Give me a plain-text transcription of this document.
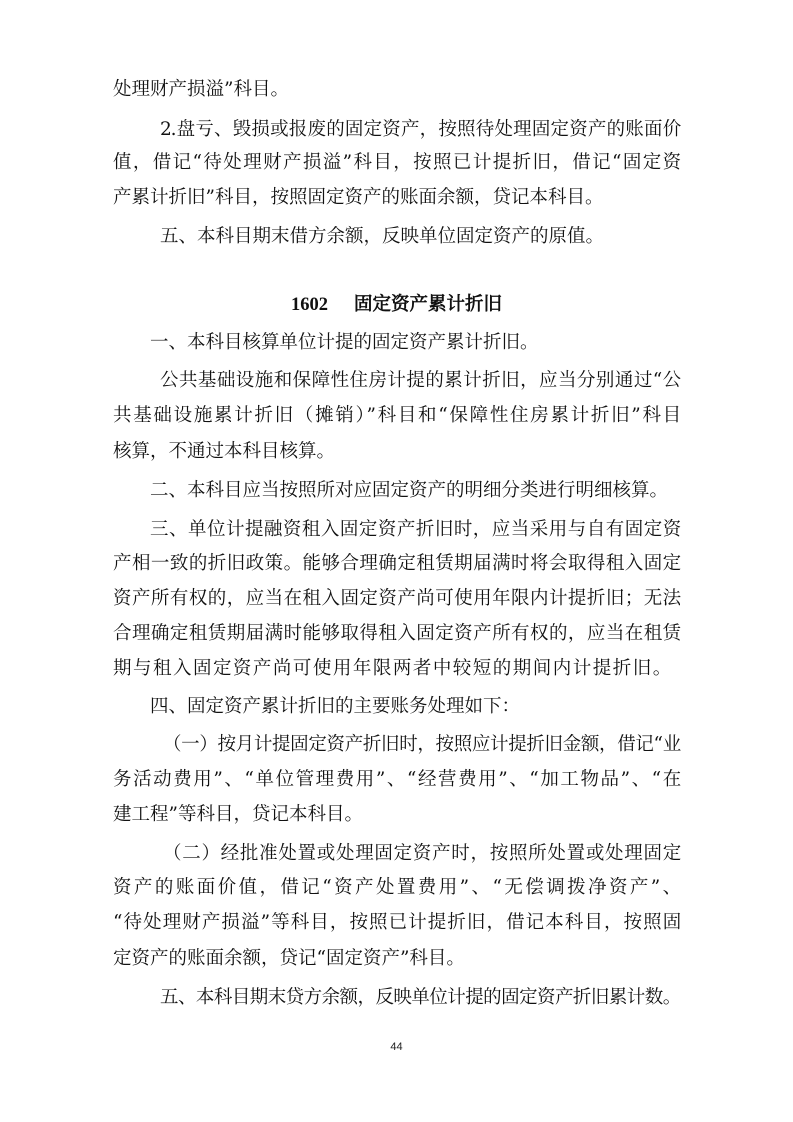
处理财产损溢”科目。
2.盘亏、毁损或报废的固定资产，按照待处理固定资产的账面价
值，借记“待处理财产损溢”科目，按照已计提折旧，借记“固定资
产累计折旧”科目，按照固定资产的账面余额，贷记本科目。
五、本科目期末借方余额，反映单位固定资产的原值。
1602 固定资产累计折旧
一、本科目核算单位计提的固定资产累计折旧。
公共基础设施和保障性住房计提的累计折旧，应当分别通过“公
共基础设施累计折旧（摊销）”科目和“保障性住房累计折旧”科目
核算，不通过本科目核算。
二、本科目应当按照所对应固定资产的明细分类进行明细核算。
三、单位计提融资租入固定资产折旧时，应当采用与自有固定资
产相一致的折旧政策。能够合理确定租赁期届满时将会取得租入固定
资产所有权的，应当在租入固定资产尚可使用年限内计提折旧；无法
合理确定租赁期届满时能够取得租入固定资产所有权的，应当在租赁
期与租入固定资产尚可使用年限两者中较短的期间内计提折旧。
四、固定资产累计折旧的主要账务处理如下：
（一）按月计提固定资产折旧时，按照应计提折旧金额，借记“业
务活动费用”、“单位管理费用”、“经营费用”、“加工物品”、“在
建工程”等科目，贷记本科目。
（二）经批准处置或处理固定资产时，按照所处置或处理固定
资产的账面价值，借记“资产处置费用”、“无偿调拨净资产”、
“待处理财产损溢”等科目，按照已计提折旧，借记本科目，按照固
定资产的账面余额，贷记“固定资产”科目。
五、本科目期末贷方余额，反映单位计提的固定资产折旧累计数。
44
